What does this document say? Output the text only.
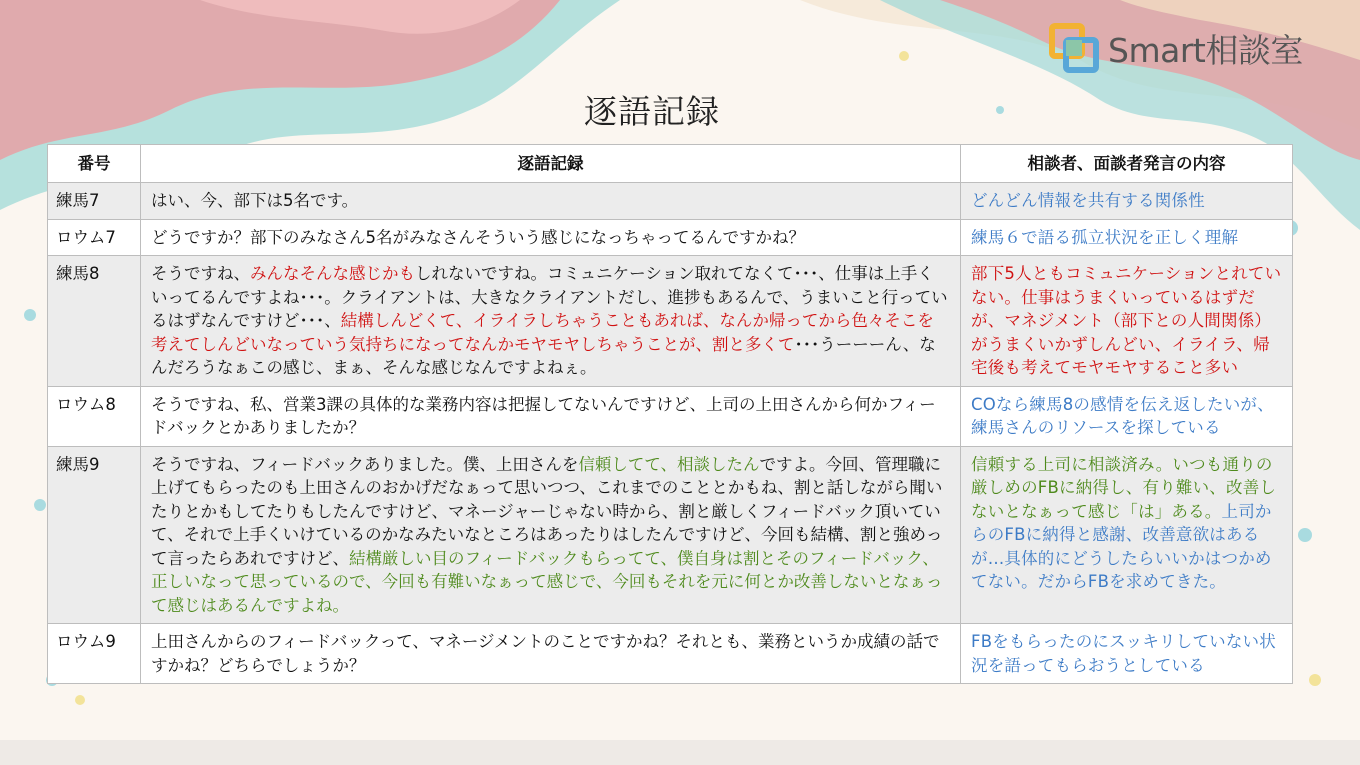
Smart相談室
逐語記録
番号	逐語記録	相談者、面談者発言の内容
練馬7	はい、今、部下は5名です。	どんどん情報を共有する関係性
ロウム7	どうですか？部下のみなさん5名がみなさんそういう感じになっちゃってるんですかね？	練馬６で語る孤立状況を正しく理解
練馬8	そうですね、みんなそんな感じかもしれないですね。コミュニケーション取れてなくて･･･、仕事は上手くいってるんですよね･･･。クライアントは、大きなクライアントだし、進捗もあるんで、うまいこと行っているはずなんですけど･･･、結構しんどくて、イライラしちゃうこともあれば、なんか帰ってから色々そこを考えてしんどいなっていう気持ちになってなんかモヤモヤしちゃうことが、割と多くて･･･うーーーん、なんだろうなぁこの感じ、まぁ、そんな感じなんですよねぇ。	部下5人ともコミュニケーションとれていない。仕事はうまくいっているはずだが、マネジメント（部下との人間関係）がうまくいかずしんどい、イライラ、帰宅後も考えてモヤモヤすること多い
ロウム8	そうですね、私、営業3課の具体的な業務内容は把握してないんですけど、上司の上田さんから何かフィードバックとかありましたか？	COなら練馬8の感情を伝え返したいが、練馬さんのリソースを探している
練馬9	そうですね、フィードバックありました。僕、上田さんを信頼してて、相談したんですよ。今回、管理職に上げてもらったのも上田さんのおかげだなぁって思いつつ、これまでのこととかもね、割と話しながら聞いたりとかもしてたりもしたんですけど、マネージャーじゃない時から、割と厳しくフィードバック頂いていて、それで上手くいけているのかなみたいなところはあったりはしたんですけど、今回も結構、割と強めって言ったらあれですけど、結構厳しい目のフィードバックもらってて、僕自身は割とそのフィードバック、正しいなって思っているので、今回も有難いなぁって感じで、今回もそれを元に何とか改善しないとなぁって感じはあるんですよね。	信頼する上司に相談済み。いつも通りの厳しめのFBに納得し、有り難い、改善しないとなぁって感じ「は」ある。上司からのFBに納得と感謝、改善意欲はあるが…具体的にどうしたらいいかはつかめてない。だからFBを求めてきた。
ロウム9	上田さんからのフィードバックって、マネージメントのことですかね？それとも、業務というか成績の話ですかね？どちらでしょうか？	FBをもらったのにスッキリしていない状況を語ってもらおうとしている
